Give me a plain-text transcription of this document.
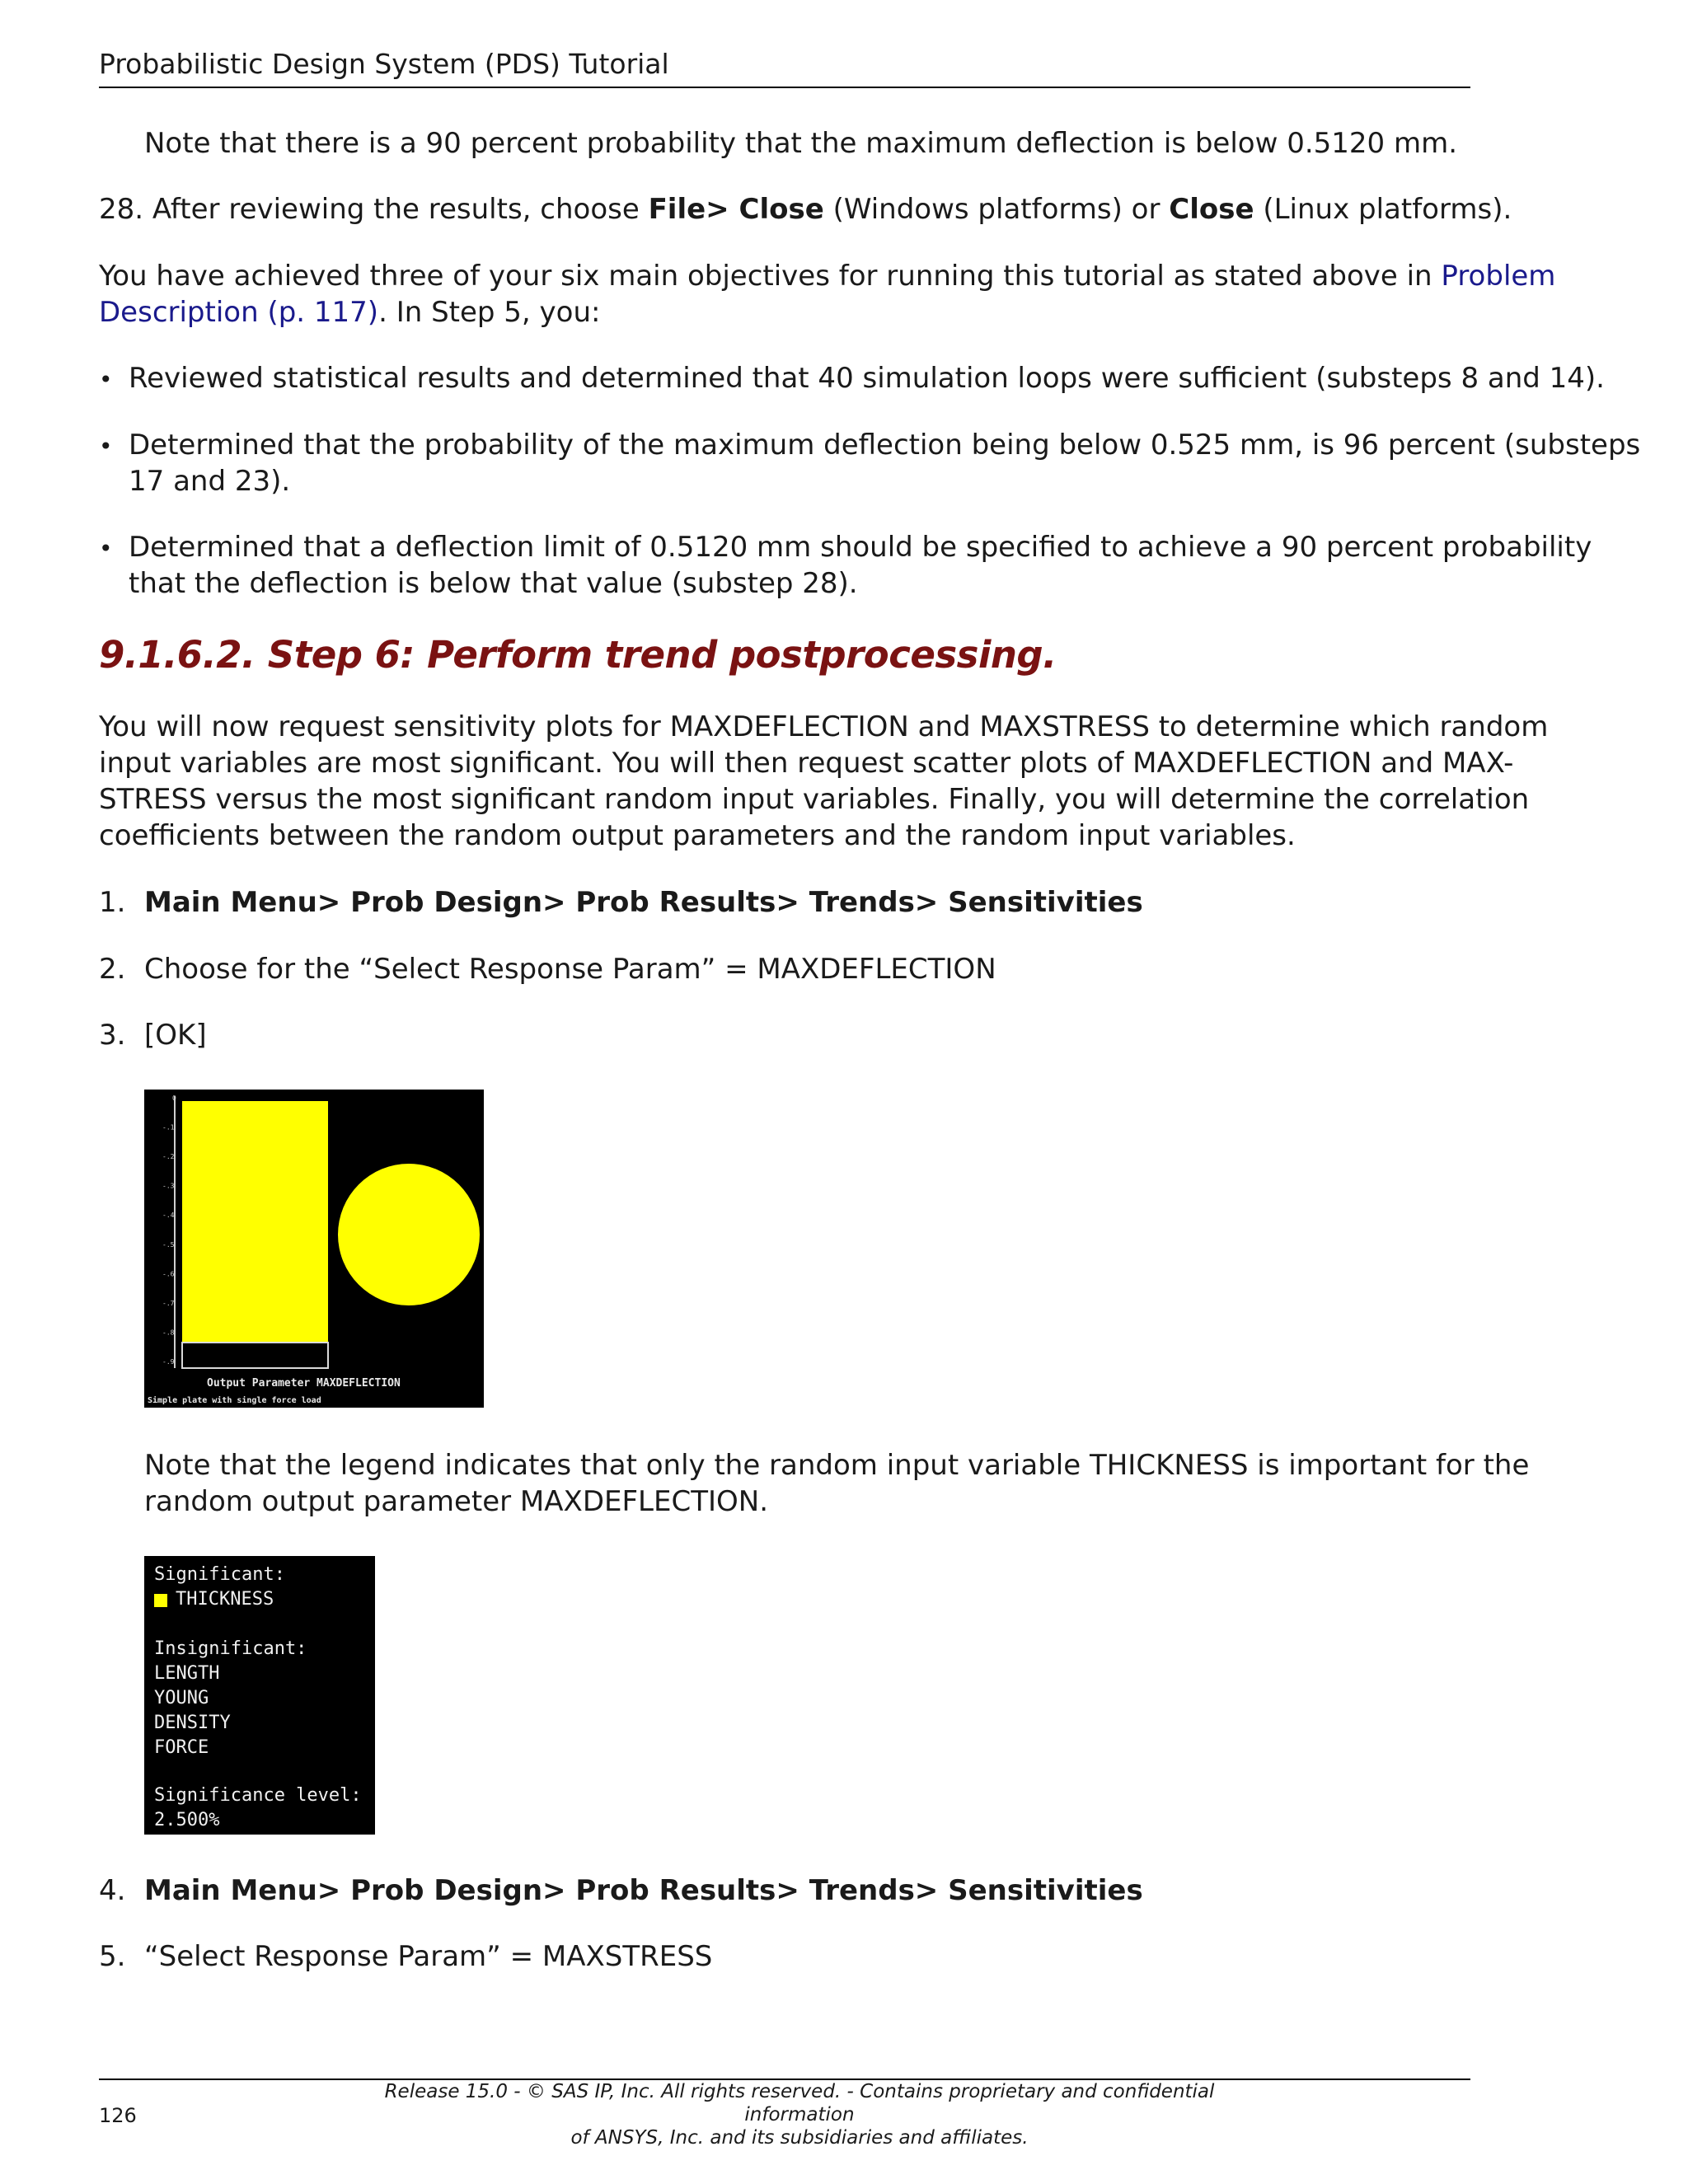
Probabilistic Design System (PDS) Tutorial
Note that there is a 90 percent probability that the maximum deflection is below 0.5120 mm.
28. After reviewing the results, choose File> Close (Windows platforms) or Close (Linux platforms).
You have achieved three of your six main objectives for running this tutorial as stated above in Problem
Description (p. 117). In Step 5, you:
• Reviewed statistical results and determined that 40 simulation loops were sufficient (substeps 8 and 14).
• Determined that the probability of the maximum deflection being below 0.525 mm, is 96 percent (substeps
17 and 23).
• Determined that a deflection limit of 0.5120 mm should be specified to achieve a 90 percent probability
that the deflection is below that value (substep 28).
9.1.6.2. Step 6: Perform trend postprocessing.
You will now request sensitivity plots for MAXDEFLECTION and MAXSTRESS to determine which random
input variables are most significant. You will then request scatter plots of MAXDEFLECTION and MAX-
STRESS versus the most significant random input variables. Finally, you will determine the correlation
coefficients between the random output parameters and the random input variables.
1. Main Menu> Prob Design> Prob Results> Trends> Sensitivities
2. Choose for the “Select Response Param” = MAXDEFLECTION
3. [OK]
0
-.1
-.2
-.3
-.4
-.5
-.6
-.7
-.8
-.9
Output Parameter MAXDEFLECTION
Simple plate with single force load
Note that the legend indicates that only the random input variable THICKNESS is important for the
random output parameter MAXDEFLECTION.
Significant:
THICKNESS
Insignificant:
LENGTH
YOUNG
DENSITY
FORCE
Significance level:
2.500%
4. Main Menu> Prob Design> Prob Results> Trends> Sensitivities
5. “Select Response Param” = MAXSTRESS
126
Release 15.0 - © SAS IP, Inc. All rights reserved. - Contains proprietary and confidential information
of ANSYS, Inc. and its subsidiaries and affiliates.
